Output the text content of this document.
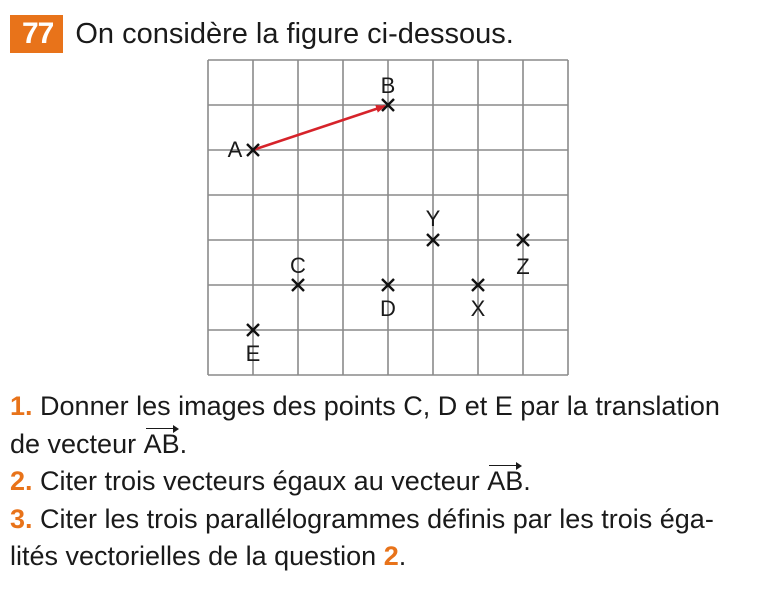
77 On considère la figure ci-dessous.
A
B
Y
Z
C
D	X
E
1. Donner les images des points C, D et E par la translation
de vecteur AB.
2. Citer trois vecteurs égaux au vecteur AB.
3. Citer les trois parallélogrammes définis par les trois éga-
lités vectorielles de la question 2.
